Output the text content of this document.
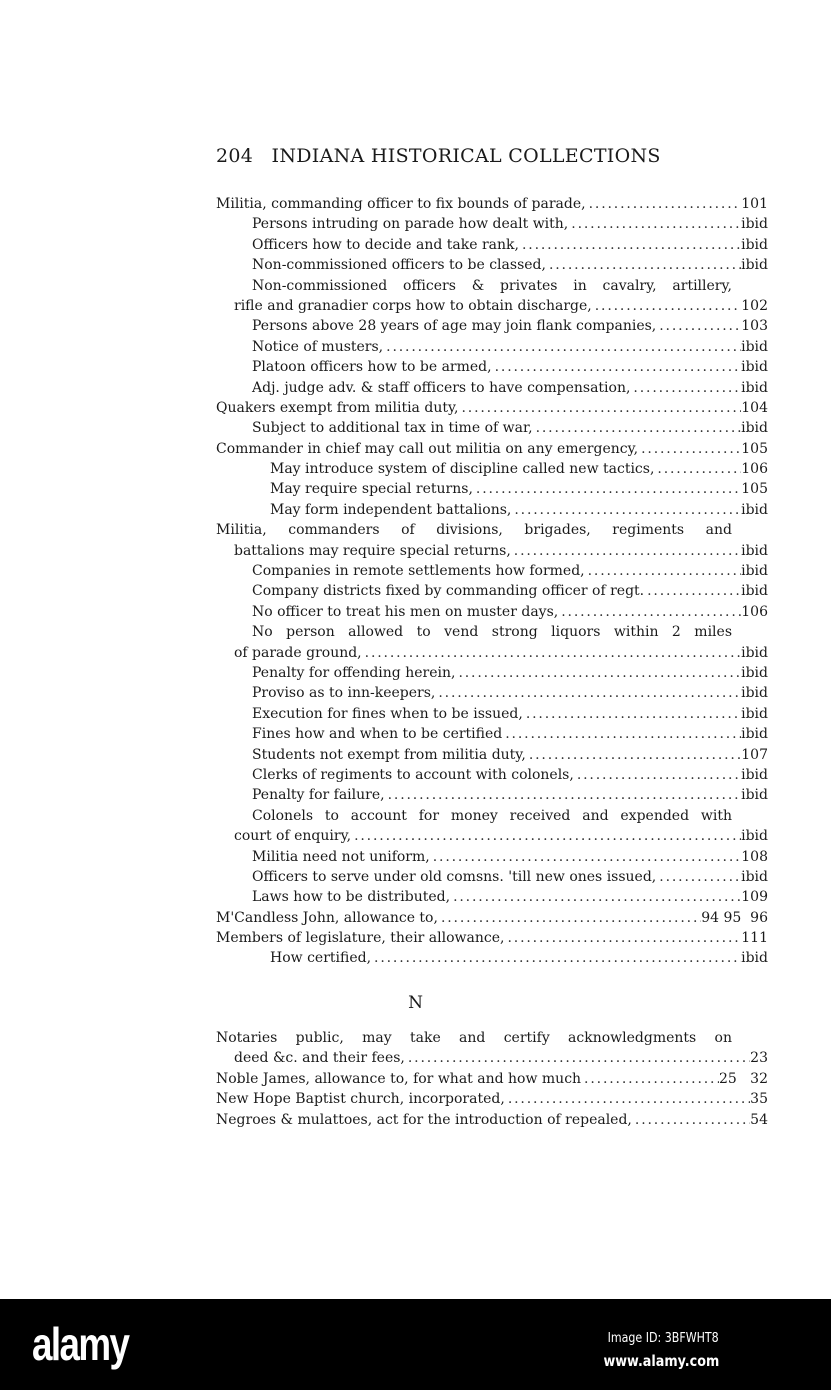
204 INDIANA HISTORICAL COLLECTIONS
Militia, commanding officer to fix bounds of parade, . . .	101
Persons intruding on parade how dealt with, . . .	ibid
Officers how to decide and take rank, . . .	ibid
Non-commissioned officers to be classed, . . .	ibid
Non-commissioned officers & privates in cavalry, artillery,
rifle and granadier corps how to obtain discharge, . . .	102
Persons above 28 years of age may join flank companies, . . .	103
Notice of musters, . . .	ibid
Platoon officers how to be armed, . . .	ibid
Adj. judge adv. & staff officers to have compensation, . . .	ibid
Quakers exempt from militia duty, . . .	104
Subject to additional tax in time of war, . . .	ibid
Commander in chief may call out militia on any emergency, . . .	105
May introduce system of discipline called new tactics, . . .	106
May require special returns, . . .	105
May form independent battalions, . . .	ibid
Militia, commanders of divisions, brigades, regiments and
battalions may require special returns, . . .	ibid
Companies in remote settlements how formed, . . .	ibid
Company districts fixed by commanding officer of regt. . . .	ibid
No officer to treat his men on muster days, . . .	106
No person allowed to vend strong liquors within 2 miles
of parade ground, . . .	ibid
Penalty for offending herein, . . .	ibid
Proviso as to inn-keepers, . . .	ibid
Execution for fines when to be issued, . . .	ibid
Fines how and when to be certified . . .	ibid
Students not exempt from militia duty, . . .	107
Clerks of regiments to account with colonels, . . .	ibid
Penalty for failure, . . .	ibid
Colonels to account for money received and expended with
court of enquiry, . . .	ibid
Militia need not uniform, . . .	108
Officers to serve under old comsns. 'till new ones issued, . . .	ibid
Laws how to be distributed, . . .	109
M'Candless John, allowance to, . . .	94 95  96
Members of legislature, their allowance, . . .	111
How certified, . . .	ibid
N
Notaries public, may take and certify acknowledgments on
deed &c. and their fees, . . .	23
Noble James, allowance to, for what and how much . . .	25   32
New Hope Baptist church, incorporated, . . .	35
Negroes & mulattoes, act for the introduction of repealed, . . .	54
alamy	Image ID: 3BFWHT8
www.alamy.com
